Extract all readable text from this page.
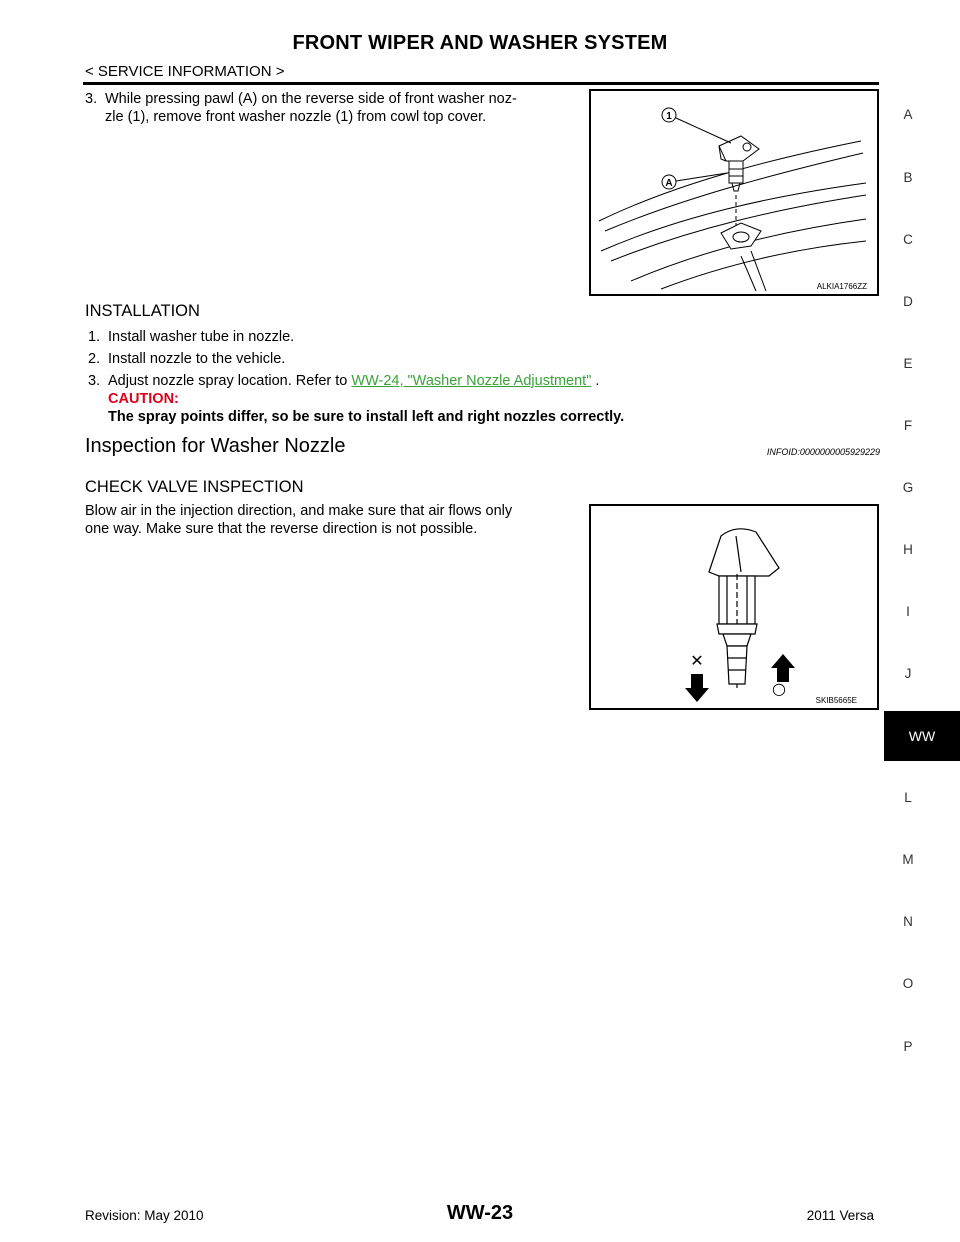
FRONT WIPER AND WASHER SYSTEM
< SERVICE INFORMATION >
3. While pressing pawl (A) on the reverse side of front washer noz-
zle (1), remove front washer nozzle (1) from cowl top cover.	1
A
ALKIA1766ZZ
INSTALLATION
1. Install washer tube in nozzle.
2. Install nozzle to the vehicle.
3. Adjust nozzle spray location. Refer to WW-24, "Washer Nozzle Adjustment" .
CAUTION:
The spray points differ, so be sure to install left and right nozzles correctly.
Inspection for Washer Nozzle	INFOID:0000000005929229
CHECK VALVE INSPECTION
Blow air in the injection direction, and make sure that air flows only
one way. Make sure that the reverse direction is not possible.
✕
○
SKIB5665E
A
B
C
D
E
F
G
H
I
J
WW
L
M
N
O
P
Revision: May 2010	WW-23	2011 Versa
